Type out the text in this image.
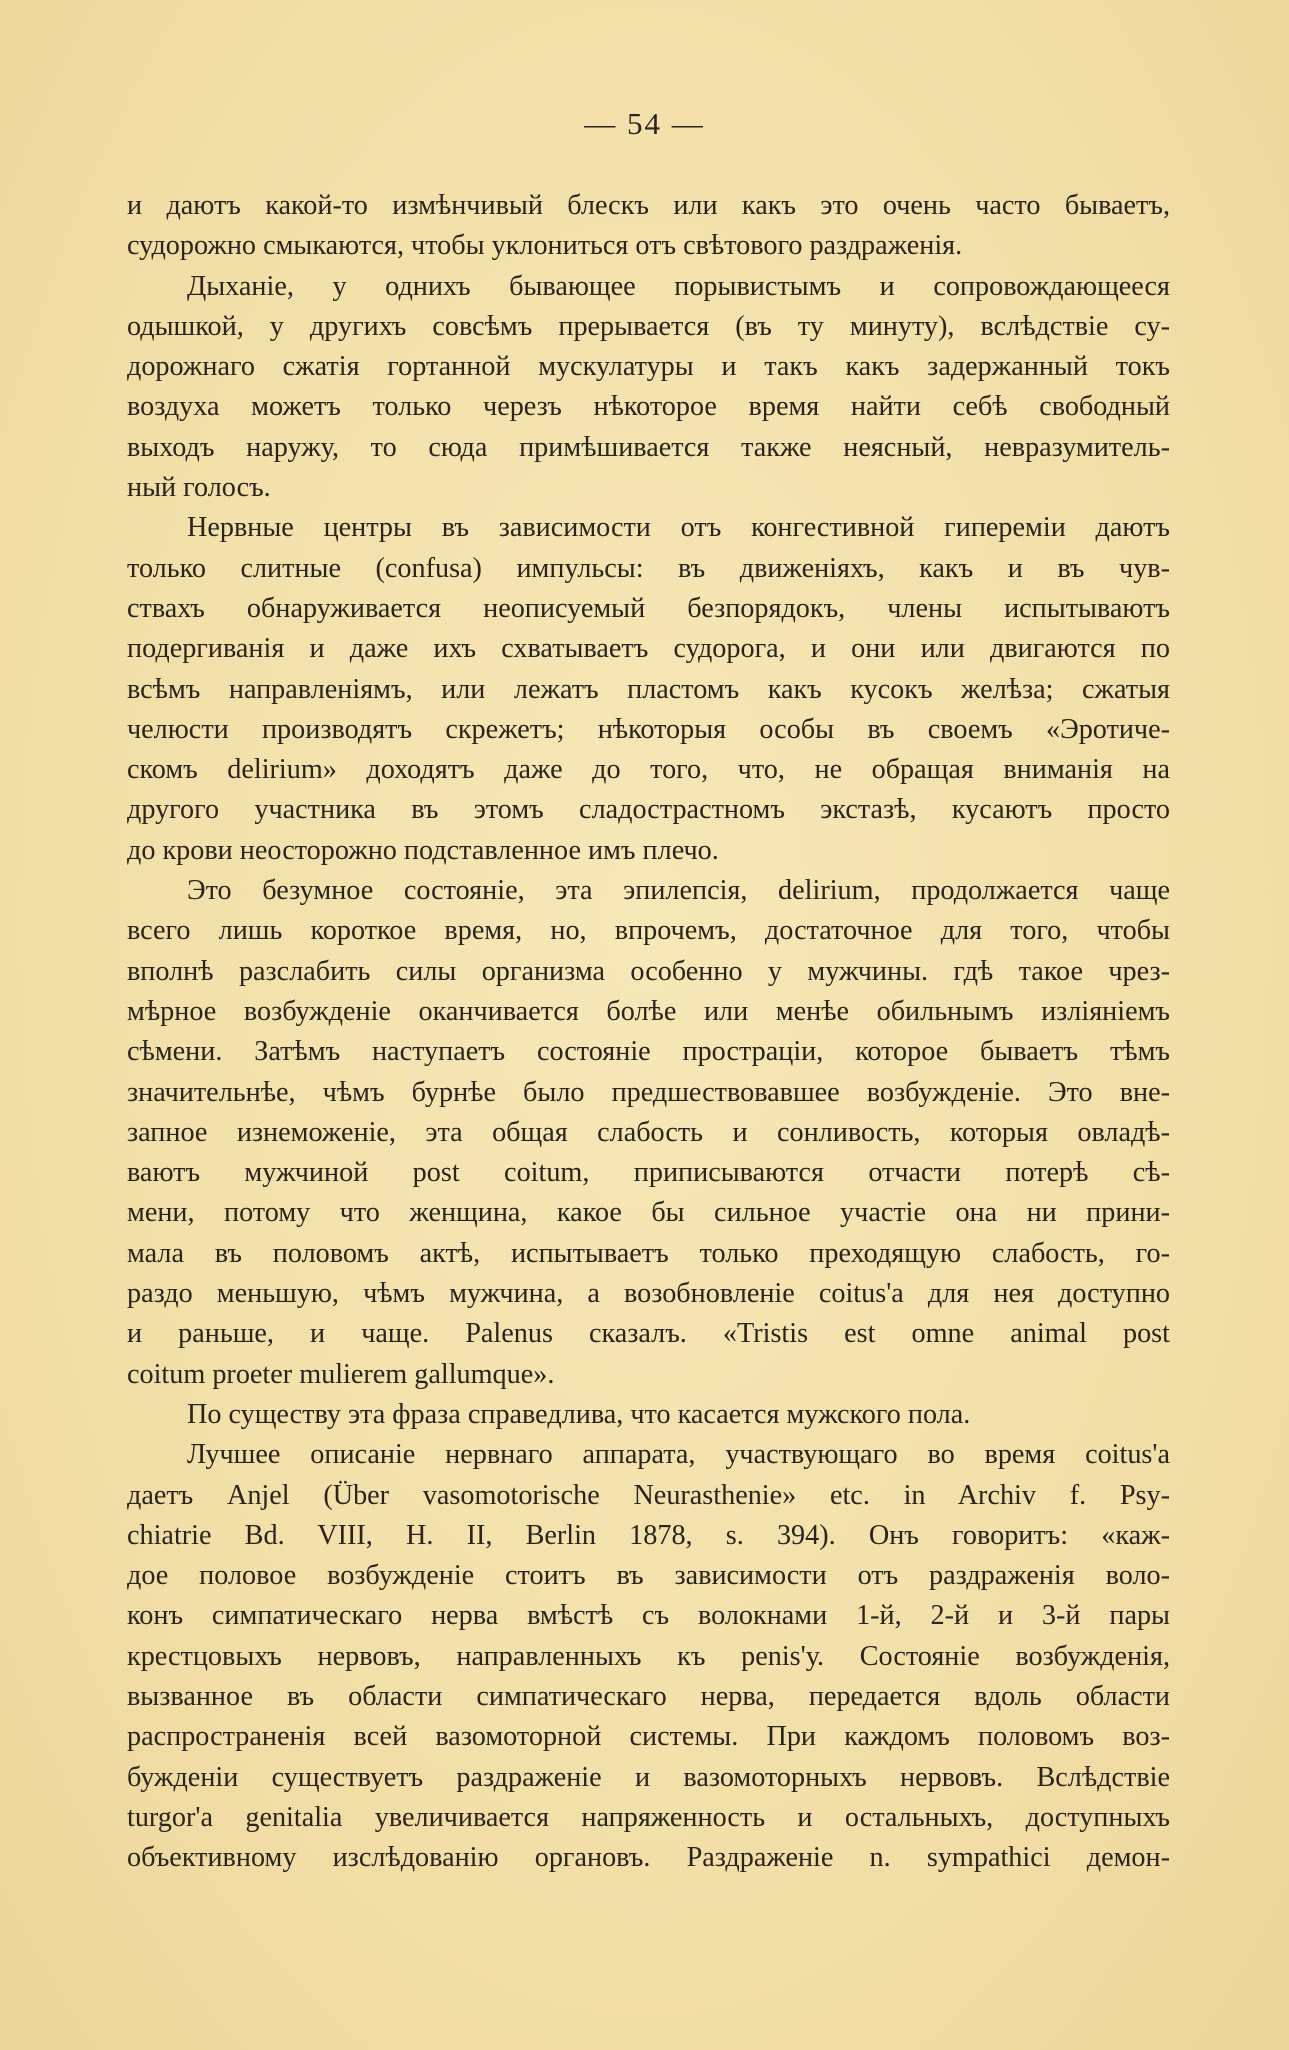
— 54 —
и даютъ какой-то измѣнчивый блескъ или какъ это очень часто бываетъ,
судорожно смыкаются, чтобы уклониться отъ свѣтового раздраженія.
Дыханіе, у однихъ бывающее порывистымъ и сопровождающееся
одышкой, у другихъ совсѣмъ прерывается (въ ту минуту), вслѣдствіе су-
дорожнаго сжатія гортанной мускулатуры и такъ какъ задержанный токъ
воздуха можетъ только черезъ нѣкоторое время найти себѣ свободный
выходъ наружу, то сюда примѣшивается также неясный, невразумитель-
ный голосъ.
Нервные центры въ зависимости отъ конгестивной гипереміи даютъ
только слитные (confusa) импульсы: въ движеніяхъ, какъ и въ чув-
ствахъ обнаруживается неописуемый безпорядокъ, члены испытываютъ
подергиванія и даже ихъ схватываетъ судорога, и они или двигаются по
всѣмъ направленіямъ, или лежатъ пластомъ какъ кусокъ желѣза; сжатыя
челюсти производятъ скрежетъ; нѣкоторыя особы въ своемъ «Эротиче-
скомъ delirium» доходятъ даже до того, что, не обращая вниманія на
другого участника въ этомъ сладострастномъ экстазѣ, кусаютъ просто
до крови неосторожно подставленное имъ плечо.
Это безумное состояніе, эта эпилепсія, delirium, продолжается чаще
всего лишь короткое время, но, впрочемъ, достаточное для того, чтобы
вполнѣ разслабить силы организма особенно у мужчины. гдѣ такое чрез-
мѣрное возбужденіе оканчивается болѣе или менѣе обильнымъ изліяніемъ
сѣмени. Затѣмъ наступаетъ состояніе прострацiи, которое бываетъ тѣмъ
значительнѣе, чѣмъ бурнѣе было предшествовавшее возбужденіе. Это вне-
запное изнеможеніе, эта общая слабость и сонливость, которыя овладѣ-
ваютъ мужчиной post coitum, приписываются отчасти потерѣ сѣ-
мени, потому что женщина, какое бы сильное участіе она ни прини-
мала въ половомъ актѣ, испытываетъ только преходящую слабость, го-
раздо меньшую, чѣмъ мужчина, а возобновленіе coitus'а для нея доступно
и раньше, и чаще. Palenus сказалъ. «Tristis est omne animal post
coitum proeter mulierem gallumque».
По существу эта фраза справедлива, что касается мужского пола.
Лучшее описаніе нервнаго аппарата, участвующаго во время coitus'а
даетъ Anjel (Über vasomotorische Neurasthenie» etc. in Archiv f. Psy-
chiatrie Bd. VIII, H. II, Berlin 1878, s. 394). Онъ говоритъ: «каж-
дое половое возбужденіе стоитъ въ зависимости отъ раздраженія воло-
конъ симпатическаго нерва вмѣстѣ съ волокнами 1-й, 2-й и 3-й пары
крестцовыхъ нервовъ, направленныхъ къ penis'у. Состояніе возбужденія,
вызванное въ области симпатическаго нерва, передается вдоль области
распространенія всей вазомоторной системы. При каждомъ половомъ воз-
бужденіи существуетъ раздраженіе и вазомоторныхъ нервовъ. Вслѣдствіе
turgor'a genitalia увеличивается напряженность и остальныхъ, доступныхъ
объективному изслѣдованію органовъ. Раздраженіе n. sympathici демон-
